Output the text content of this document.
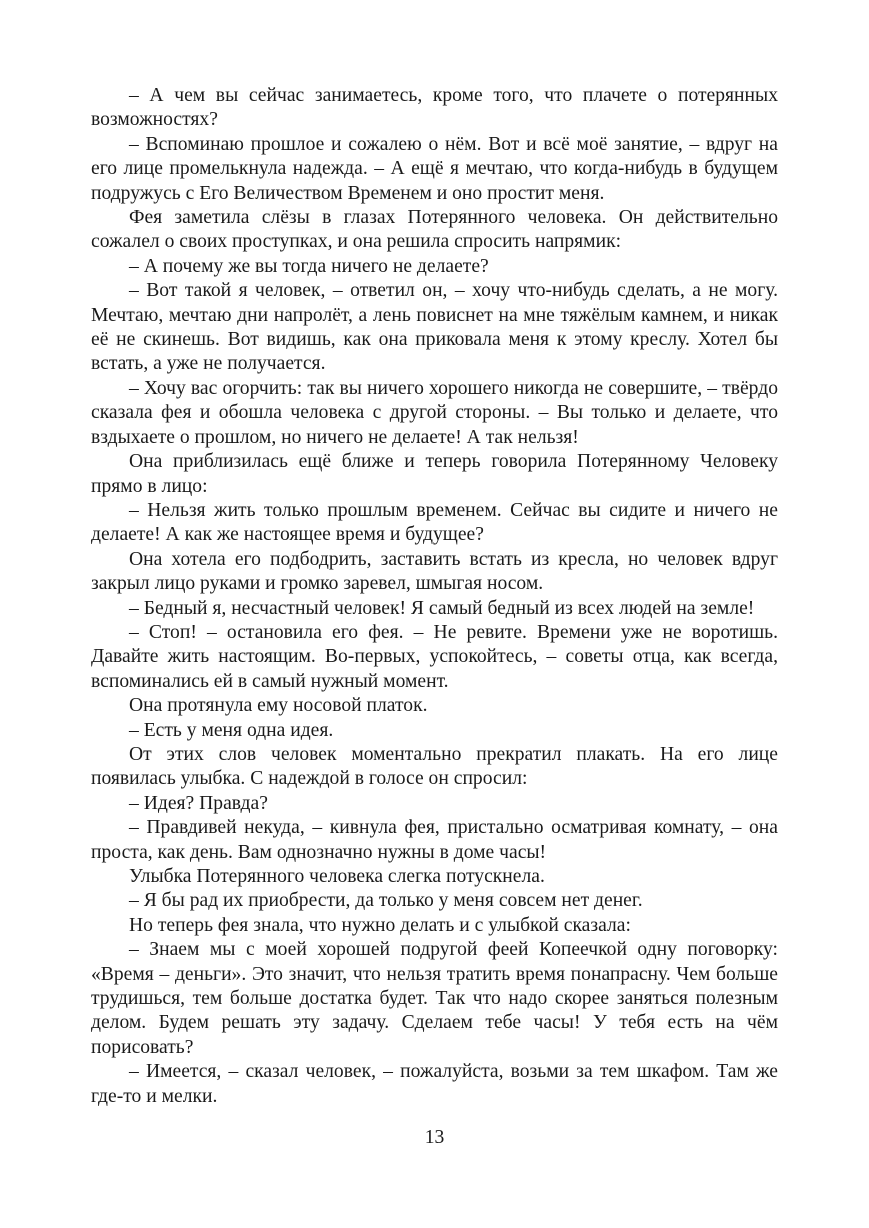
– А чем вы сейчас занимаетесь, кроме того, что плачете о потерянных возможностях?

– Вспоминаю прошлое и сожалею о нём. Вот и всё моё занятие, – вдруг на его лице промелькнула надежда. – А ещё я мечтаю, что когда-нибудь в будущем подружусь с Его Величеством Временем и оно простит меня.

Фея заметила слёзы в глазах Потерянного человека. Он действительно сожалел о своих проступках, и она решила спросить напрямик:

– А почему же вы тогда ничего не делаете?

– Вот такой я человек, – ответил он, – хочу что-нибудь сделать, а не могу. Мечтаю, мечтаю дни напролёт, а лень повиснет на мне тяжёлым камнем, и никак её не скинешь. Вот видишь, как она приковала меня к этому креслу. Хотел бы встать, а уже не получается.

– Хочу вас огорчить: так вы ничего хорошего никогда не совершите, – твёрдо сказала фея и обошла человека с другой стороны. – Вы только и делаете, что вздыхаете о прошлом, но ничего не делаете! А так нельзя!

Она приблизилась ещё ближе и теперь говорила Потерянному Человеку прямо в лицо:

– Нельзя жить только прошлым временем. Сейчас вы сидите и ничего не делаете! А как же настоящее время и будущее?

Она хотела его подбодрить, заставить встать из кресла, но человек вдруг закрыл лицо руками и громко заревел, шмыгая носом.

– Бедный я, несчастный человек! Я самый бедный из всех людей на земле!

– Стоп! – остановила его фея. – Не ревите. Времени уже не воротишь. Давайте жить настоящим. Во-первых, успокойтесь, – советы отца, как всегда, вспоминались ей в самый нужный момент.

Она протянула ему носовой платок.

– Есть у меня одна идея.

От этих слов человек моментально прекратил плакать. На его лице появилась улыбка. С надеждой в голосе он спросил:

– Идея? Правда?

– Правдивей некуда, – кивнула фея, пристально осматривая комнату, – она проста, как день. Вам однозначно нужны в доме часы!

Улыбка Потерянного человека слегка потускнела.

– Я бы рад их приобрести, да только у меня совсем нет денег.

Но теперь фея знала, что нужно делать и с улыбкой сказала:

– Знаем мы с моей хорошей подругой феей Копеечкой одну поговорку: «Время – деньги». Это значит, что нельзя тратить время понапрасну. Чем больше трудишься, тем больше достатка будет. Так что надо скорее заняться полезным делом. Будем решать эту задачу. Сделаем тебе часы! У тебя есть на чём порисовать?

– Имеется, – сказал человек, – пожалуйста, возьми за тем шкафом. Там же где-то и мелки.

13
